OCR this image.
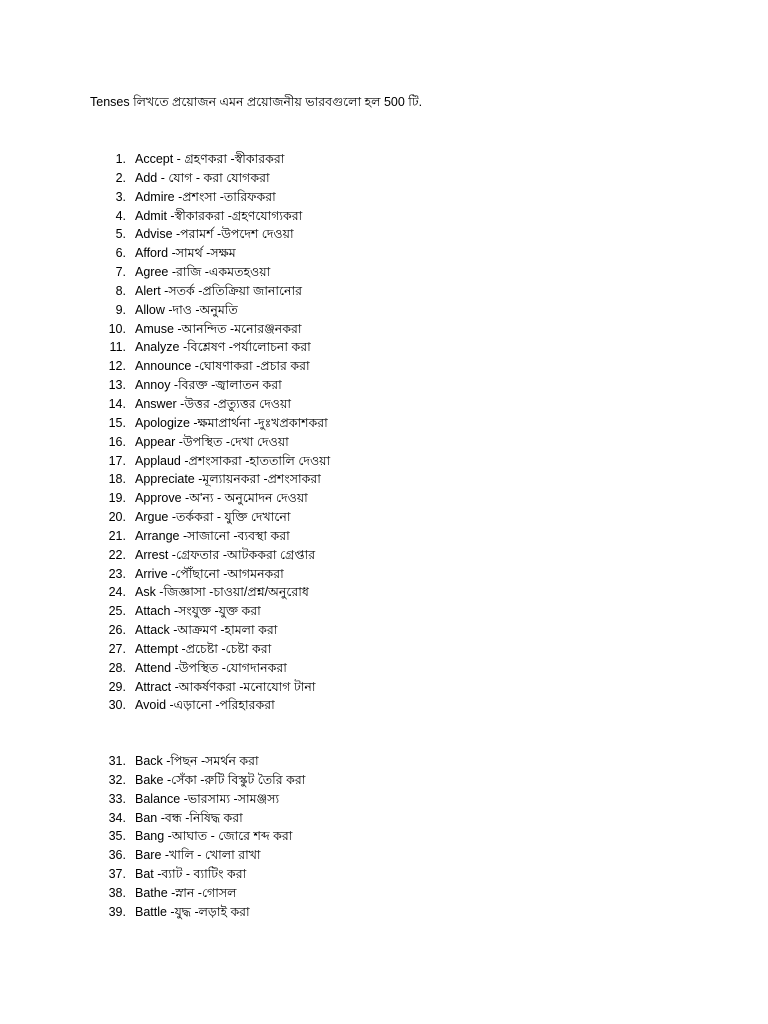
Tenses লিখতে প্রয়োজন এমন প্রয়োজনীয় ভারবগুলো হল 500 টি.
1. Accept - গ্রহণকরা -স্বীকারকরা
2. Add - যোগ - করা যোগকরা
3. Admire -প্রশংসা -তারিফকরা
4. Admit -স্বীকারকরা -গ্রহণযোগ্যকরা
5. Advise -পরামর্শ -উপদেশ দেওয়া
6. Afford -সামর্থ -সক্ষম
7. Agree -রাজি -একমতহওয়া
8. Alert -সতর্ক -প্রতিক্রিয়া জানানোর
9. Allow -দাও -অনুমতি
10. Amuse -আনন্দিত -মনোরঞ্জনকরা
11. Analyze -বিশ্লেষণ -পর্যালোচনা করা
12. Announce -ঘোষণাকরা -প্রচার করা
13. Annoy -বিরক্ত -জ্বালাতন করা
14. Answer -উত্তর -প্রত্যুত্তর দেওয়া
15. Apologize -ক্ষমাপ্রার্থনা -দুঃখপ্রকাশকরা
16. Appear -উপস্থিত -দেখা দেওয়া
17. Applaud -প্রশংসাকরা -হাততালি দেওয়া
18. Appreciate -মূল্যায়নকরা -প্রশংসাকরা
19. Approve -অ'ন্য - অনুমোদন দেওয়া
20. Argue -তর্ককরা - যুক্তি দেখানো
21. Arrange -সাজানো -ব্যবস্থা করা
22. Arrest -গ্রেফতার -আটককরা গ্রেপ্তার
23. Arrive -পৌঁছানো -আগমনকরা
24. Ask -জিজ্ঞাসা -চাওয়া/প্রশ্ন/অনুরোধ
25. Attach -সংযুক্ত -যুক্ত করা
26. Attack -আক্রমণ -হামলা করা
27. Attempt -প্রচেষ্টা -চেষ্টা করা
28. Attend -উপস্থিত -যোগদানকরা
29. Attract -আকর্ষণকরা -মনোযোগ টানা
30. Avoid -এড়ানো -পরিহারকরা
31. Back -পিছন -সমর্থন করা
32. Bake -সেঁকা -রুটি বিস্কুট তৈরি করা
33. Balance -ভারসাম্য -সামঞ্জস্য
34. Ban -বন্ধ -নিষিদ্ধ করা
35. Bang -আঘাত - জোরে শব্দ করা
36. Bare -খালি - খোলা রাখা
37. Bat -ব্যাট - ব্যাটিং করা
38. Bathe -স্নান -গোসল
39. Battle -যুদ্ধ -লড়াই করা
